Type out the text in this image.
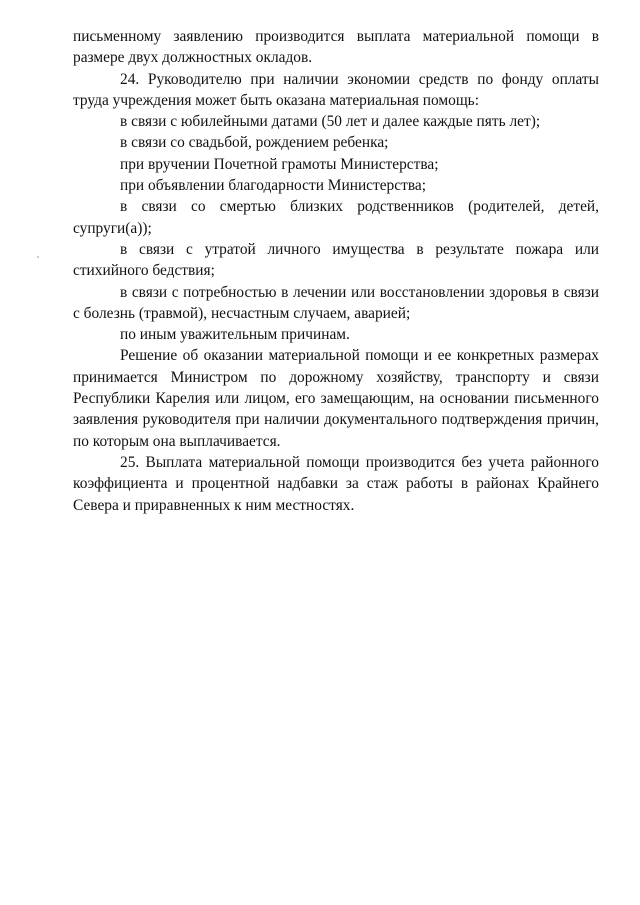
письменному заявлению производится выплата материальной помощи в размере двух должностных окладов.

24. Руководителю при наличии экономии средств по фонду оплаты труда учреждения может быть оказана материальная помощь:

в связи с юбилейными датами (50 лет и далее каждые пять лет);

в связи со свадьбой, рождением ребенка;

при вручении Почетной грамоты Министерства;

при объявлении благодарности Министерства;

в связи со смертью близких родственников (родителей, детей, супруги(а));

в связи с утратой личного имущества в результате пожара или стихийного бедствия;

в связи с потребностью в лечении или восстановлении здоровья в связи с болезнь (травмой), несчастным случаем, аварией;

по иным уважительным причинам.

Решение об оказании материальной помощи и ее конкретных размерах принимается Министром по дорожному хозяйству, транспорту и связи Республики Карелия или лицом, его замещающим, на основании письменного заявления руководителя при наличии документального подтверждения причин, по которым она выплачивается.

25. Выплата материальной помощи производится без учета районного коэффициента и процентной надбавки за стаж работы в районах Крайнего Севера и приравненных к ним местностях.
